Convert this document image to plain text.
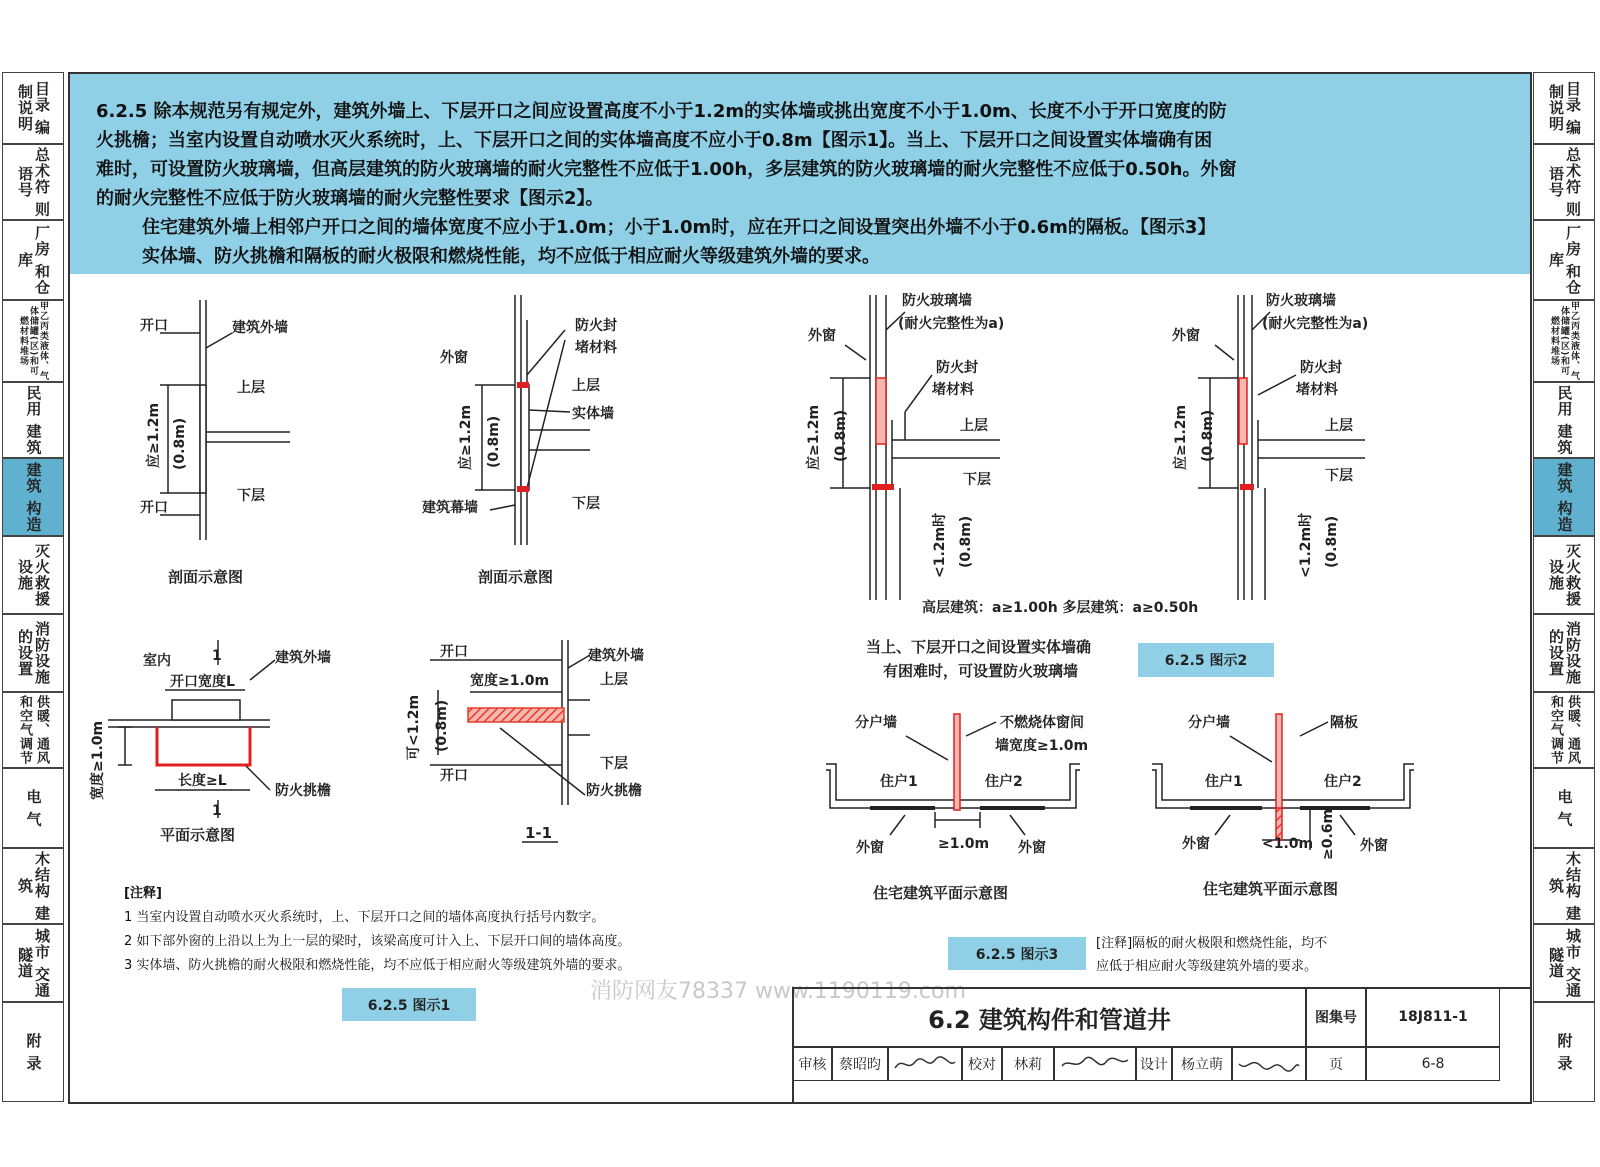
目录 编制说明
总术符 则语号
厂房 和仓库
甲乙丙类液体、气体储罐(区)和可燃材料堆场
民用 建筑
建筑 构造
灭火救援 设施
消防设施 的设置
供暖、通风 和空气调节
电 气
木结构 建筑
城市 交通隧道
附 录
目录 编制说明
总术符 则语号
厂房 和仓库
甲乙丙类液体、气体储罐(区)和可燃材料堆场
民用 建筑
建筑 构造
灭火救援 设施
消防设施 的设置
供暖、通风 和空气调节
电 气
木结构 建筑
城市 交通隧道
附 录
6.2.5 除本规范另有规定外，建筑外墙上、下层开口之间应设置高度不小于1.2m的实体墙或挑出宽度不小于1.0m、长度不小于开口宽度的防
火挑檐；当室内设置自动喷水灭火系统时，上、下层开口之间的实体墙高度不应小于0.8m【图示1】。当上、下层开口之间设置实体墙确有困
难时，可设置防火玻璃墙，但高层建筑的防火玻璃墙的耐火完整性不应低于1.00h，多层建筑的防火玻璃墙的耐火完整性不应低于0.50h。外窗
的耐火完整性不应低于防火玻璃墙的耐火完整性要求【图示2】。
住宅建筑外墙上相邻户开口之间的墙体宽度不应小于1.0m；小于1.0m时，应在开口之间设置突出外墙不小于0.6m的隔板。【图示3】
实体墙、防火挑檐和隔板的耐火极限和燃烧性能，均不应低于相应耐火等级建筑外墙的要求。
开口	建筑外墙
上层
下层
开口
应≥1.2m (0.8m)
剖面示意图
外窗
防火封
堵材料
上层
实体墙
建筑幕墙	下层
应≥1.2m (0.8m)
剖面示意图
室内	1	建筑外墙
开口宽度L
宽度≥1.0m	长度≥L
1
防火挑檐
平面示意图
开口	建筑外墙
宽度≥1.0m	上层
可<1.2m (0.8m)
下层
开口
防火挑檐
1-1
防火玻璃墙
(耐火完整性为a)
外窗
防火封
堵材料
上层
下层
应≥1.2m (0.8m)
<1.2m时 (0.8m)
防火玻璃墙
(耐火完整性为a)
外窗
防火封
堵材料
上层
下层
应≥1.2m (0.8m)
<1.2m时 (0.8m)
高层建筑：a≥1.00h 多层建筑：a≥0.50h
当上、下层开口之间设置实体墙确
有困难时，可设置防火玻璃墙
分户墙	不燃烧体窗间
墙宽度≥1.0m
住户1	住户2
外窗	外窗
≥1.0m
住宅建筑平面示意图
分户墙	隔板
住户1	住户2
外窗	外窗
<1.0m ≥0.6m
住宅建筑平面示意图
6.2.5 图示2
6.2.5 图示1
6.2.5 图示3
[注释]
1 当室内设置自动喷水灭火系统时，上、下层开口之间的墙体高度执行括号内数字。
2 如下部外窗的上沿以上为上一层的梁时，该梁高度可计入上、下层开口间的墙体高度。
3 实体墙、防火挑檐的耐火极限和燃烧性能，均不应低于相应耐火等级建筑外墙的要求。
[注释]隔板的耐火极限和燃烧性能，均不
应低于相应耐火等级建筑外墙的要求。
消防网友78337 www.1190119.com
6.2 建筑构件和管道井	图集号	18J811-1
审核 蔡昭昀	校对	林莉	设计 杨立萌	页	6-8
